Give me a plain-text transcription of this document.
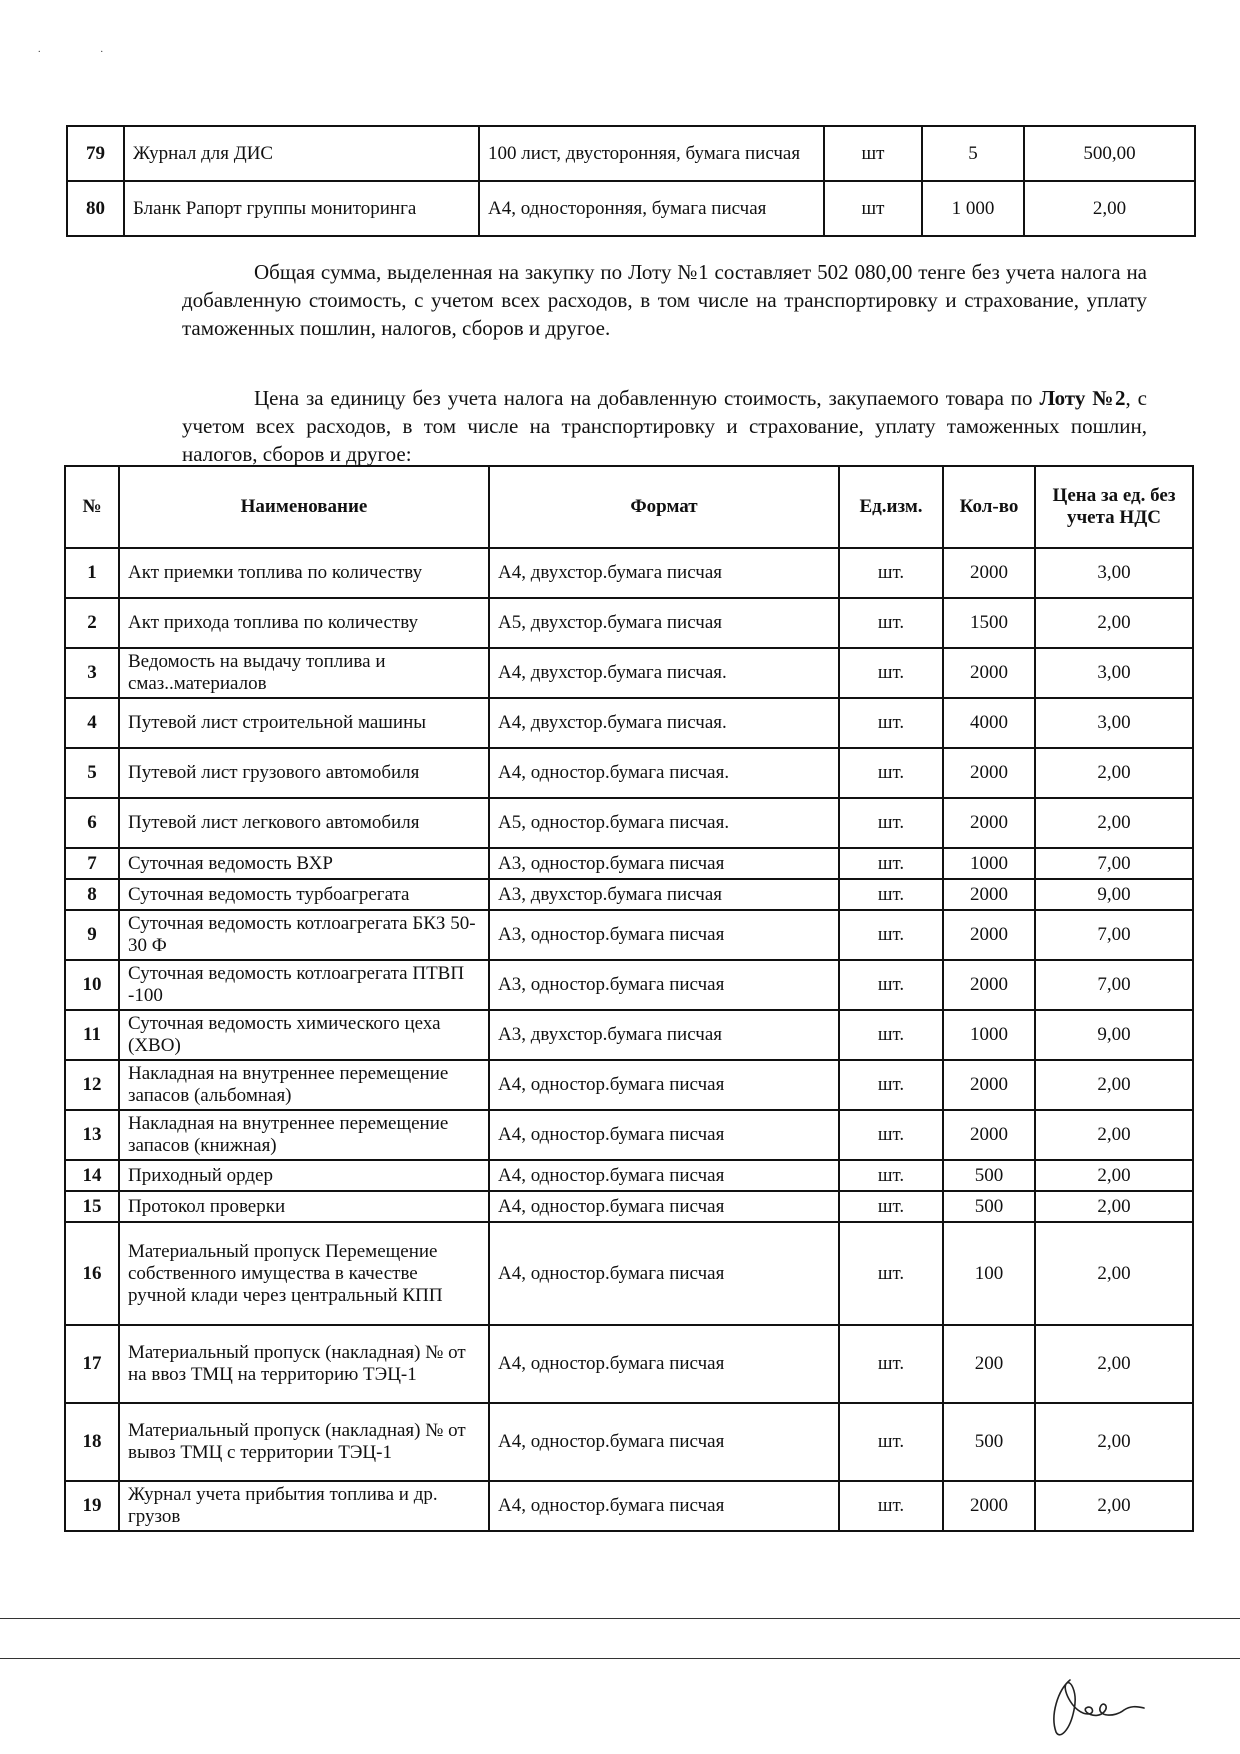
.                        .
79	Журнал для ДИС	100 лист, двусторонняя, бумага писчая	шт	5	500,00
80	Бланк Рапорт группы мониторинга	А4, односторонняя, бумага писчая	шт	1 000	2,00

Общая сумма, выделенная на закупку по Лоту №1 составляет 502 080,00 тенге без учета налога на добавленную стоимость, с учетом всех расходов, в том числе на транспортировку и страхование, уплату таможенных пошлин, налогов, сборов и другое.

Цена за единицу без учета налога на добавленную стоимость, закупаемого товара по Лоту №2, с учетом всех расходов, в том числе на транспортировку и страхование, уплату таможенных пошлин, налогов, сборов и другое:

№	Наименование	Формат	Ед.изм.	Кол-во	Цена за ед. без учета НДС
1	Акт приемки топлива по количеству	А4, двухстор.бумага писчая	шт.	2000	3,00
2	Акт прихода топлива по количеству	А5, двухстор.бумага писчая	шт.	1500	2,00
3	Ведомость на выдачу топлива и смаз..материалов	А4, двухстор.бумага писчая.	шт.	2000	3,00
4	Путевой лист строительной машины	А4, двухстор.бумага писчая.	шт.	4000	3,00
5	Путевой лист грузового автомобиля	А4, одностор.бумага писчая.	шт.	2000	2,00
6	Путевой лист легкового автомобиля	А5, одностор.бумага писчая.	шт.	2000	2,00
7	Суточная ведомость ВХР	А3, одностор.бумага писчая	шт.	1000	7,00
8	Суточная ведомость турбоагрегата	А3, двухстор.бумага писчая	шт.	2000	9,00
9	Суточная ведомость котлоагрегата БКЗ 50-30 Ф	А3, одностор.бумага писчая	шт.	2000	7,00
10	Суточная ведомость котлоагрегата ПТВП -100	А3, одностор.бумага писчая	шт.	2000	7,00
11	Суточная ведомость химического цеха (ХВО)	А3, двухстор.бумага писчая	шт.	1000	9,00
12	Накладная на внутреннее перемещение запасов (альбомная)	А4, одностор.бумага писчая	шт.	2000	2,00
13	Накладная на внутреннее перемещение запасов (книжная)	А4, одностор.бумага писчая	шт.	2000	2,00
14	Приходный ордер	А4, одностор.бумага писчая	шт.	500	2,00
15	Протокол проверки	А4, одностор.бумага писчая	шт.	500	2,00
16	Материальный пропуск Перемещение собственного имущества в качестве ручной клади через центральный КПП	А4, одностор.бумага писчая	шт.	100	2,00
17	Материальный пропуск (накладная) № от на ввоз ТМЦ на территорию ТЭЦ-1	А4, одностор.бумага писчая	шт.	200	2,00
18	Материальный пропуск (накладная) № от вывоз ТМЦ с территории ТЭЦ-1	А4, одностор.бумага писчая	шт.	500	2,00
19	Журнал учета прибытия топлива и др. грузов	А4, одностор.бумага писчая	шт.	2000	2,00
